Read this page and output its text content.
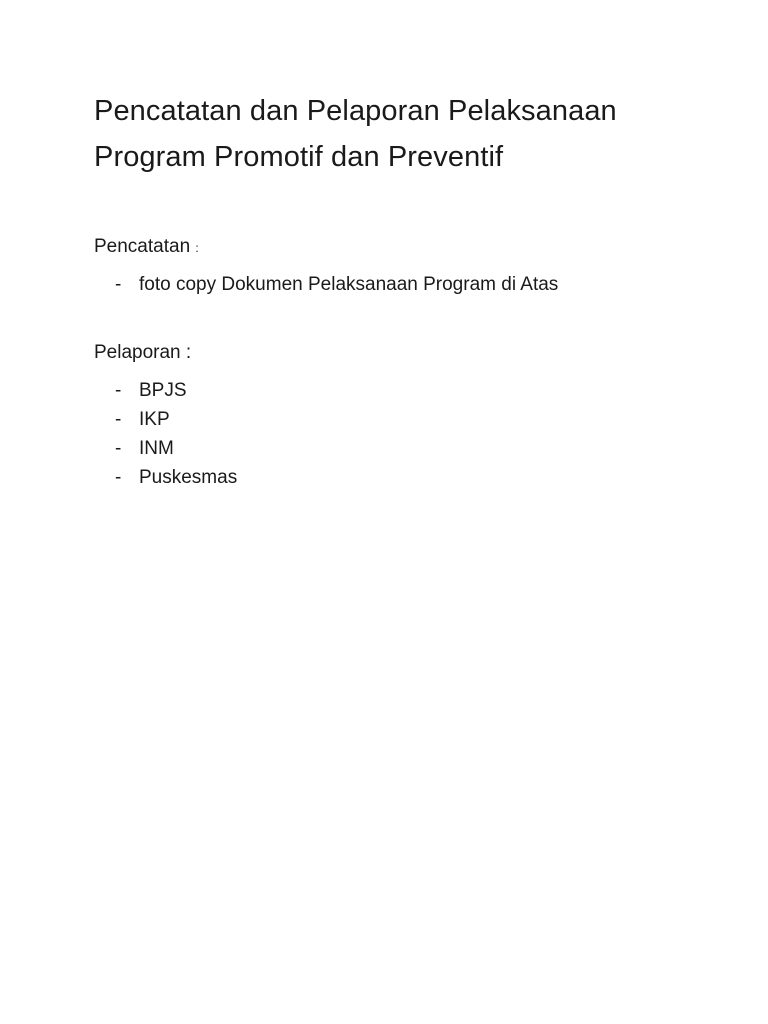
Pencatatan dan Pelaporan Pelaksanaan
Program Promotif dan Preventif

Pencatatan :

- foto copy Dokumen Pelaksanaan Program di Atas

Pelaporan :

- BPJS
- IKP
- INM
- Puskesmas
